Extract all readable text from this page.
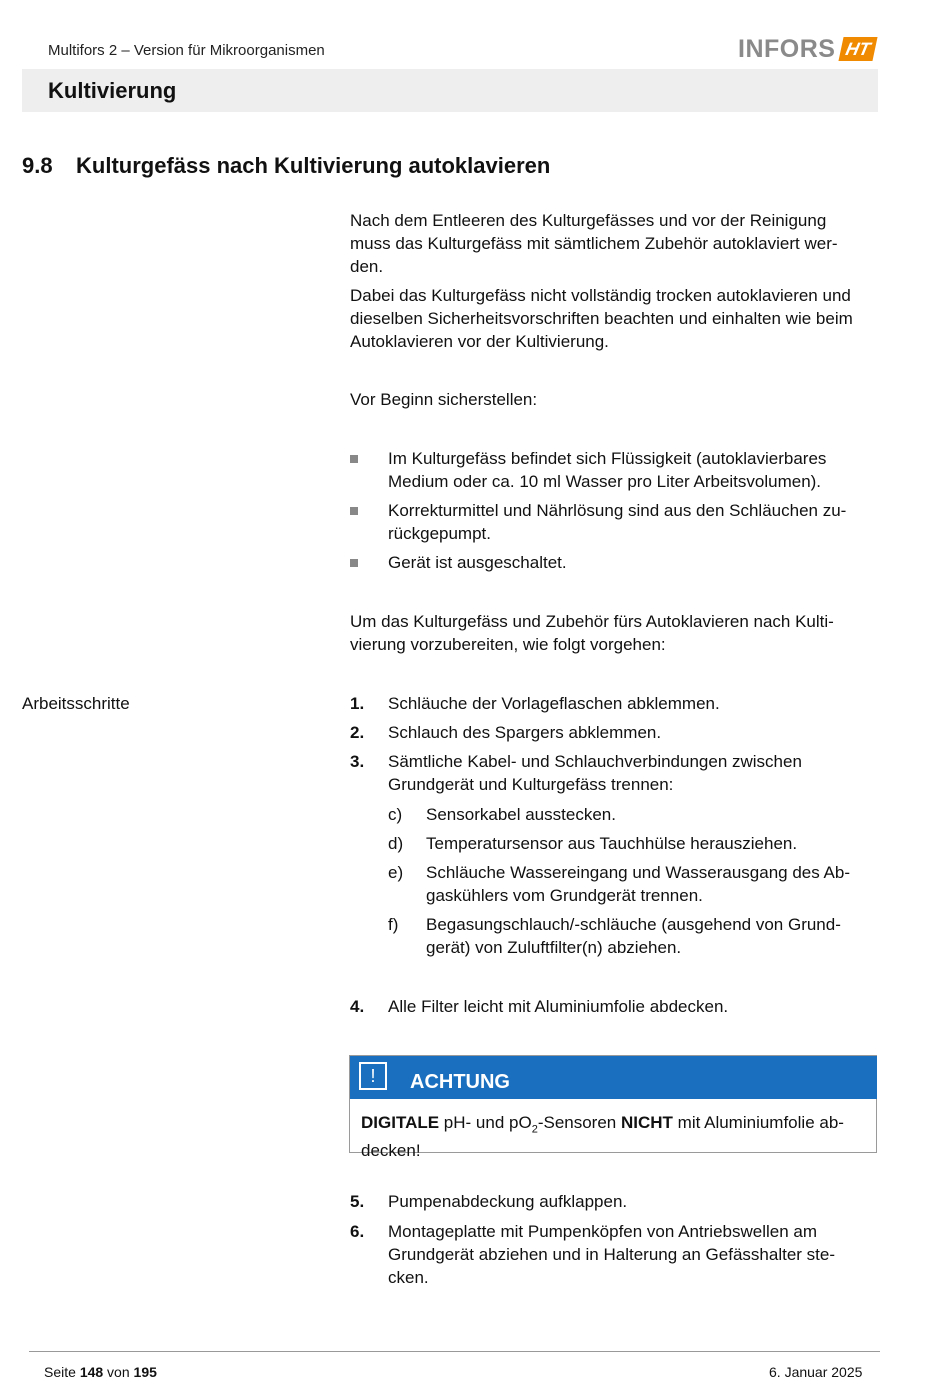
Multifors 2 – Version für Mikroorganismen	INFORS HT
Kultivierung
9.8 Kulturgefäss nach Kultivierung autoklavieren
Nach dem Entleeren des Kulturgefässes und vor der Reinigung
muss das Kulturgefäss mit sämtlichem Zubehör autoklaviert wer-
den.
Dabei das Kulturgefäss nicht vollständig trocken autoklavieren und
dieselben Sicherheitsvorschriften beachten und einhalten wie beim
Autoklavieren vor der Kultivierung.
Vor Beginn sicherstellen:
Im Kulturgefäss befindet sich Flüssigkeit (autoklavierbares
Medium oder ca. 10 ml Wasser pro Liter Arbeitsvolumen).
Korrekturmittel und Nährlösung sind aus den Schläuchen zu-
rückgepumpt.
Gerät ist ausgeschaltet.
Um das Kulturgefäss und Zubehör fürs Autoklavieren nach Kulti-
vierung vorzubereiten, wie folgt vorgehen:
Arbeitsschritte	1. Schläuche der Vorlageflaschen abklemmen.
2. Schlauch des Spargers abklemmen.
3. Sämtliche Kabel- und Schlauchverbindungen zwischen
Grundgerät und Kulturgefäss trennen:
c) Sensorkabel ausstecken.
d) Temperatursensor aus Tauchhülse herausziehen.
e) Schläuche Wassereingang und Wasserausgang des Ab-
gaskühlers vom Grundgerät trennen.
f) Begasungschlauch/-schläuche (ausgehend von Grund-
gerät) von Zuluftfilter(n) abziehen.
4. Alle Filter leicht mit Aluminiumfolie abdecken.
!	ACHTUNG
DIGITALE pH- und $pO_2$-Sensoren NICHT mit Aluminiumfolie ab-
decken!
5. Pumpenabdeckung aufklappen.
6. Montageplatte mit Pumpenköpfen von Antriebswellen am
Grundgerät abziehen und in Halterung an Gefässhalter ste-
cken.
Seite 148 von 195	6. Januar 2025
